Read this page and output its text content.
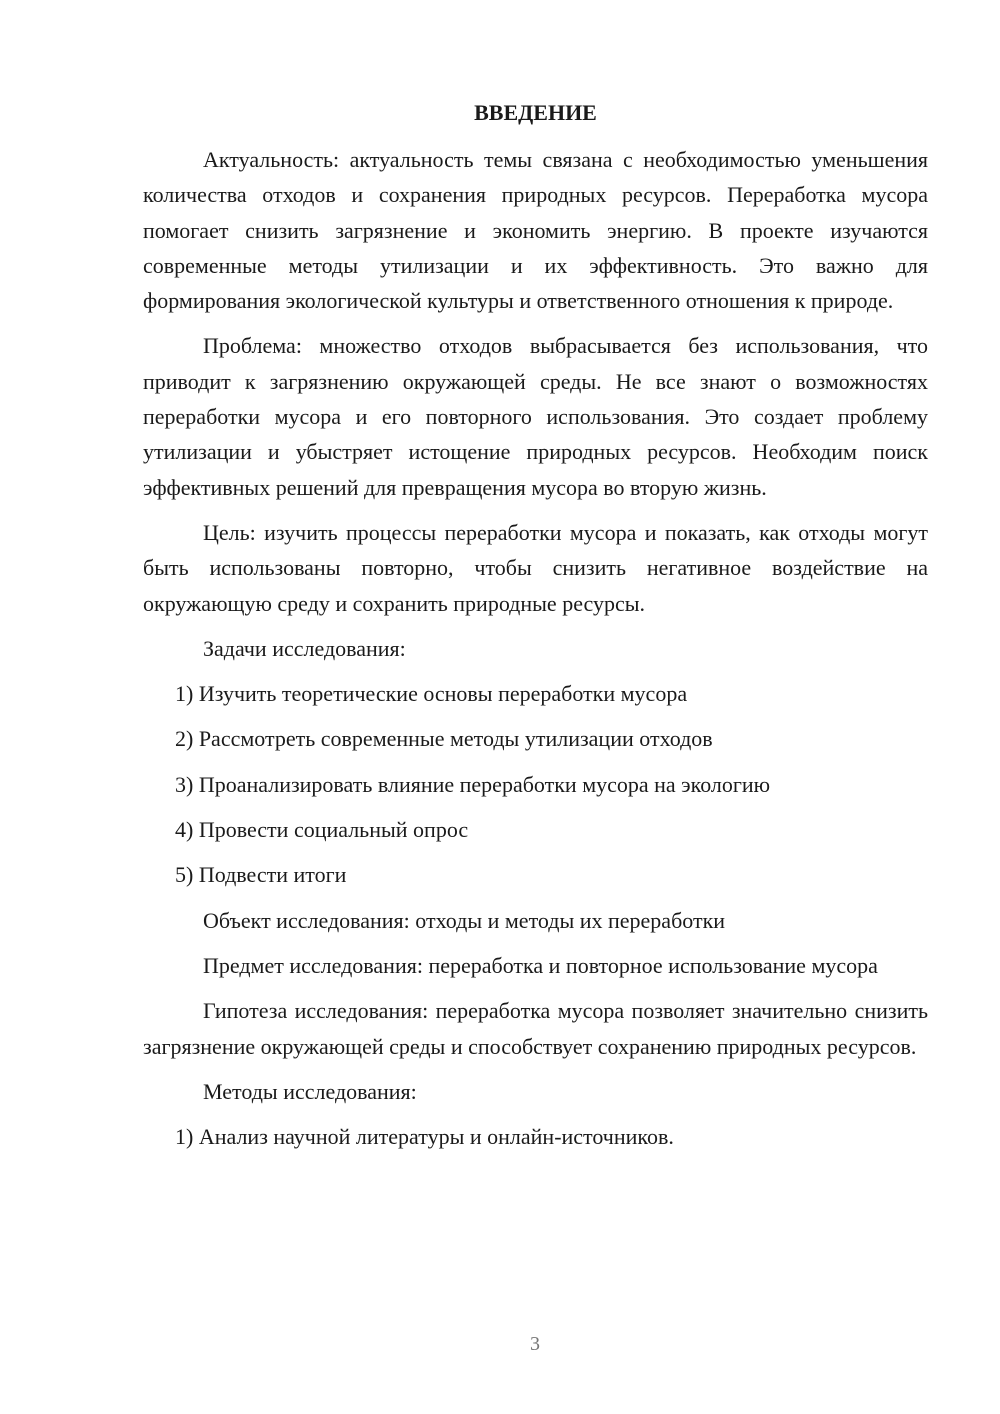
ВВЕДЕНИЕ

Актуальность: актуальность темы связана с необходимостью уменьшения количества отходов и сохранения природных ресурсов. Переработка мусора помогает снизить загрязнение и экономить энергию. В проекте изучаются современные методы утилизации и их эффективность. Это важно для формирования экологической культуры и ответственного отношения к природе.

Проблема: множество отходов выбрасывается без использования, что приводит к загрязнению окружающей среды. Не все знают о возможностях переработки мусора и его повторного использования. Это создает проблему утилизации и убыстряет истощение природных ресурсов. Необходим поиск эффективных решений для превращения мусора во вторую жизнь.

Цель: изучить процессы переработки мусора и показать, как отходы могут быть использованы повторно, чтобы снизить негативное воздействие на окружающую среду и сохранить природные ресурсы.

Задачи исследования:
1) Изучить теоретические основы переработки мусора
2) Рассмотреть современные методы утилизации отходов
3) Проанализировать влияние переработки мусора на экологию
4) Провести социальный опрос
5) Подвести итоги
Объект исследования: отходы и методы их переработки

Предмет исследования: переработка и повторное использование мусора

Гипотеза исследования: переработка мусора позволяет значительно снизить загрязнение окружающей среды и способствует сохранению природных ресурсов.

Методы исследования:
1) Анализ научной литературы и онлайн-источников.
3
